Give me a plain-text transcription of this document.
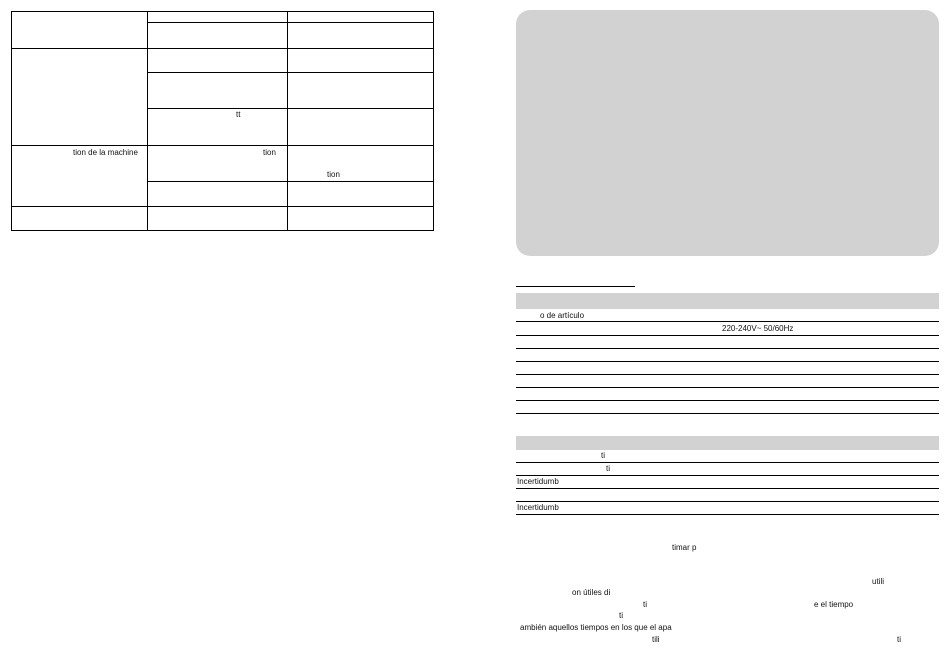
tion de la machine
tt
tion
tion
o de artículo
220-240V~ 50/60Hz
ti
ti
Incertidumb
Incertidumb
timar p
utili
on útiles di
ti	e el tiempo
ti
ambién aquellos tiempos en los que el apa
tili	ti
